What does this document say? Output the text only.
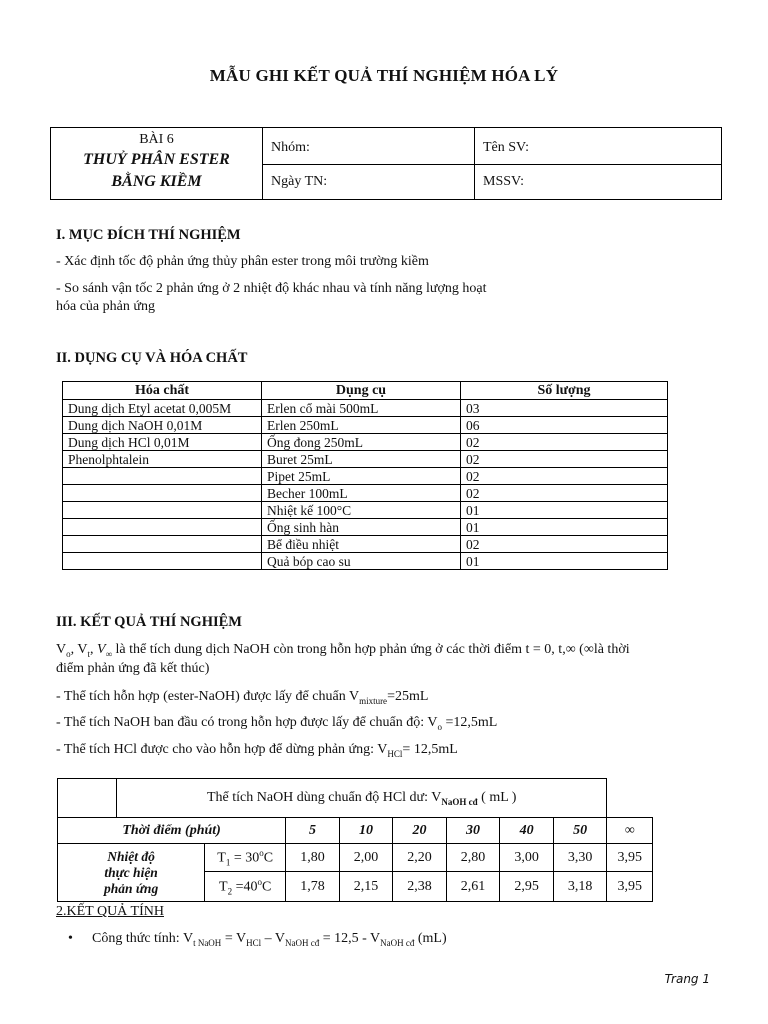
MẪU GHI KẾT QUẢ THÍ NGHIỆM HÓA LÝ
BÀI 6
THUỶ PHÂN ESTER
BẰNG KIỀM	Nhóm:	Tên SV:

	Ngày TN:	MSSV:
I. MỤC ĐÍCH THÍ NGHIỆM
- Xác định tốc độ phản ứng thủy phân ester trong môi trường kiềm
- So sánh vận tốc 2 phản ứng ở 2 nhiệt độ khác nhau và tính năng lượng hoạt
hóa của phản ứng
II. DỤNG CỤ VÀ HÓA CHẤT
Hóa chất	Dụng cụ	Số lượng
Dung dịch Etyl acetat 0,005M	Erlen cổ mài 500mL	03
Dung dịch NaOH 0,01M	Erlen 250mL	06
Dung dịch HCl 0,01M	Ống đong 250mL	02
Phenolphtalein	Buret 25mL	02
	Pipet 25mL	02
	Becher 100mL	02
	Nhiệt kế 100°C	01
	Ống sinh hàn	01
	Bể điều nhiệt	02
	Quả bóp cao su	01
III. KẾT QUẢ THÍ NGHIỆM
$V_o$, $V_t$, $V_\infty$ là thể tích dung dịch NaOH còn trong hỗn hợp phản ứng ở các thời điểm t = 0, t,∞ (∞là thời
điểm phản ứng đã kết thúc)
- Thể tích hỗn hợp (ester-NaOH) được lấy để chuẩn $V_{mixture}=25mL$
- Thể tích NaOH ban đầu có trong hỗn hợp được lấy để chuẩn độ: $V_o =12,5mL$
- Thể tích HCl được cho vào hỗn hợp để dừng phản ứng: $V_{HCl}= 12,5mL$
	Thể tích NaOH dùng chuẩn độ HCl dư: $V_{NaOH cđ}$ ( mL )								
Thời điểm (phút)			5	10	20	30	40	50	∞

Nhiệt độ
thực hiện
phản ứng		$T_1 = 30^oC$	1,80	2,00	2,20	2,80	3,00	3,30	3,95
		$T_2 =40^oC$	1,78	2,15	2,38	2,61	2,95	3,18	3,95
2.KẾT QUẢ TÍNH
• Công thức tính: $V_{t NaOH} = V_{HCl} - V_{NaOH cđ} = 12,5 - V_{NaOH cđ}$ (mL)
Trang 1
